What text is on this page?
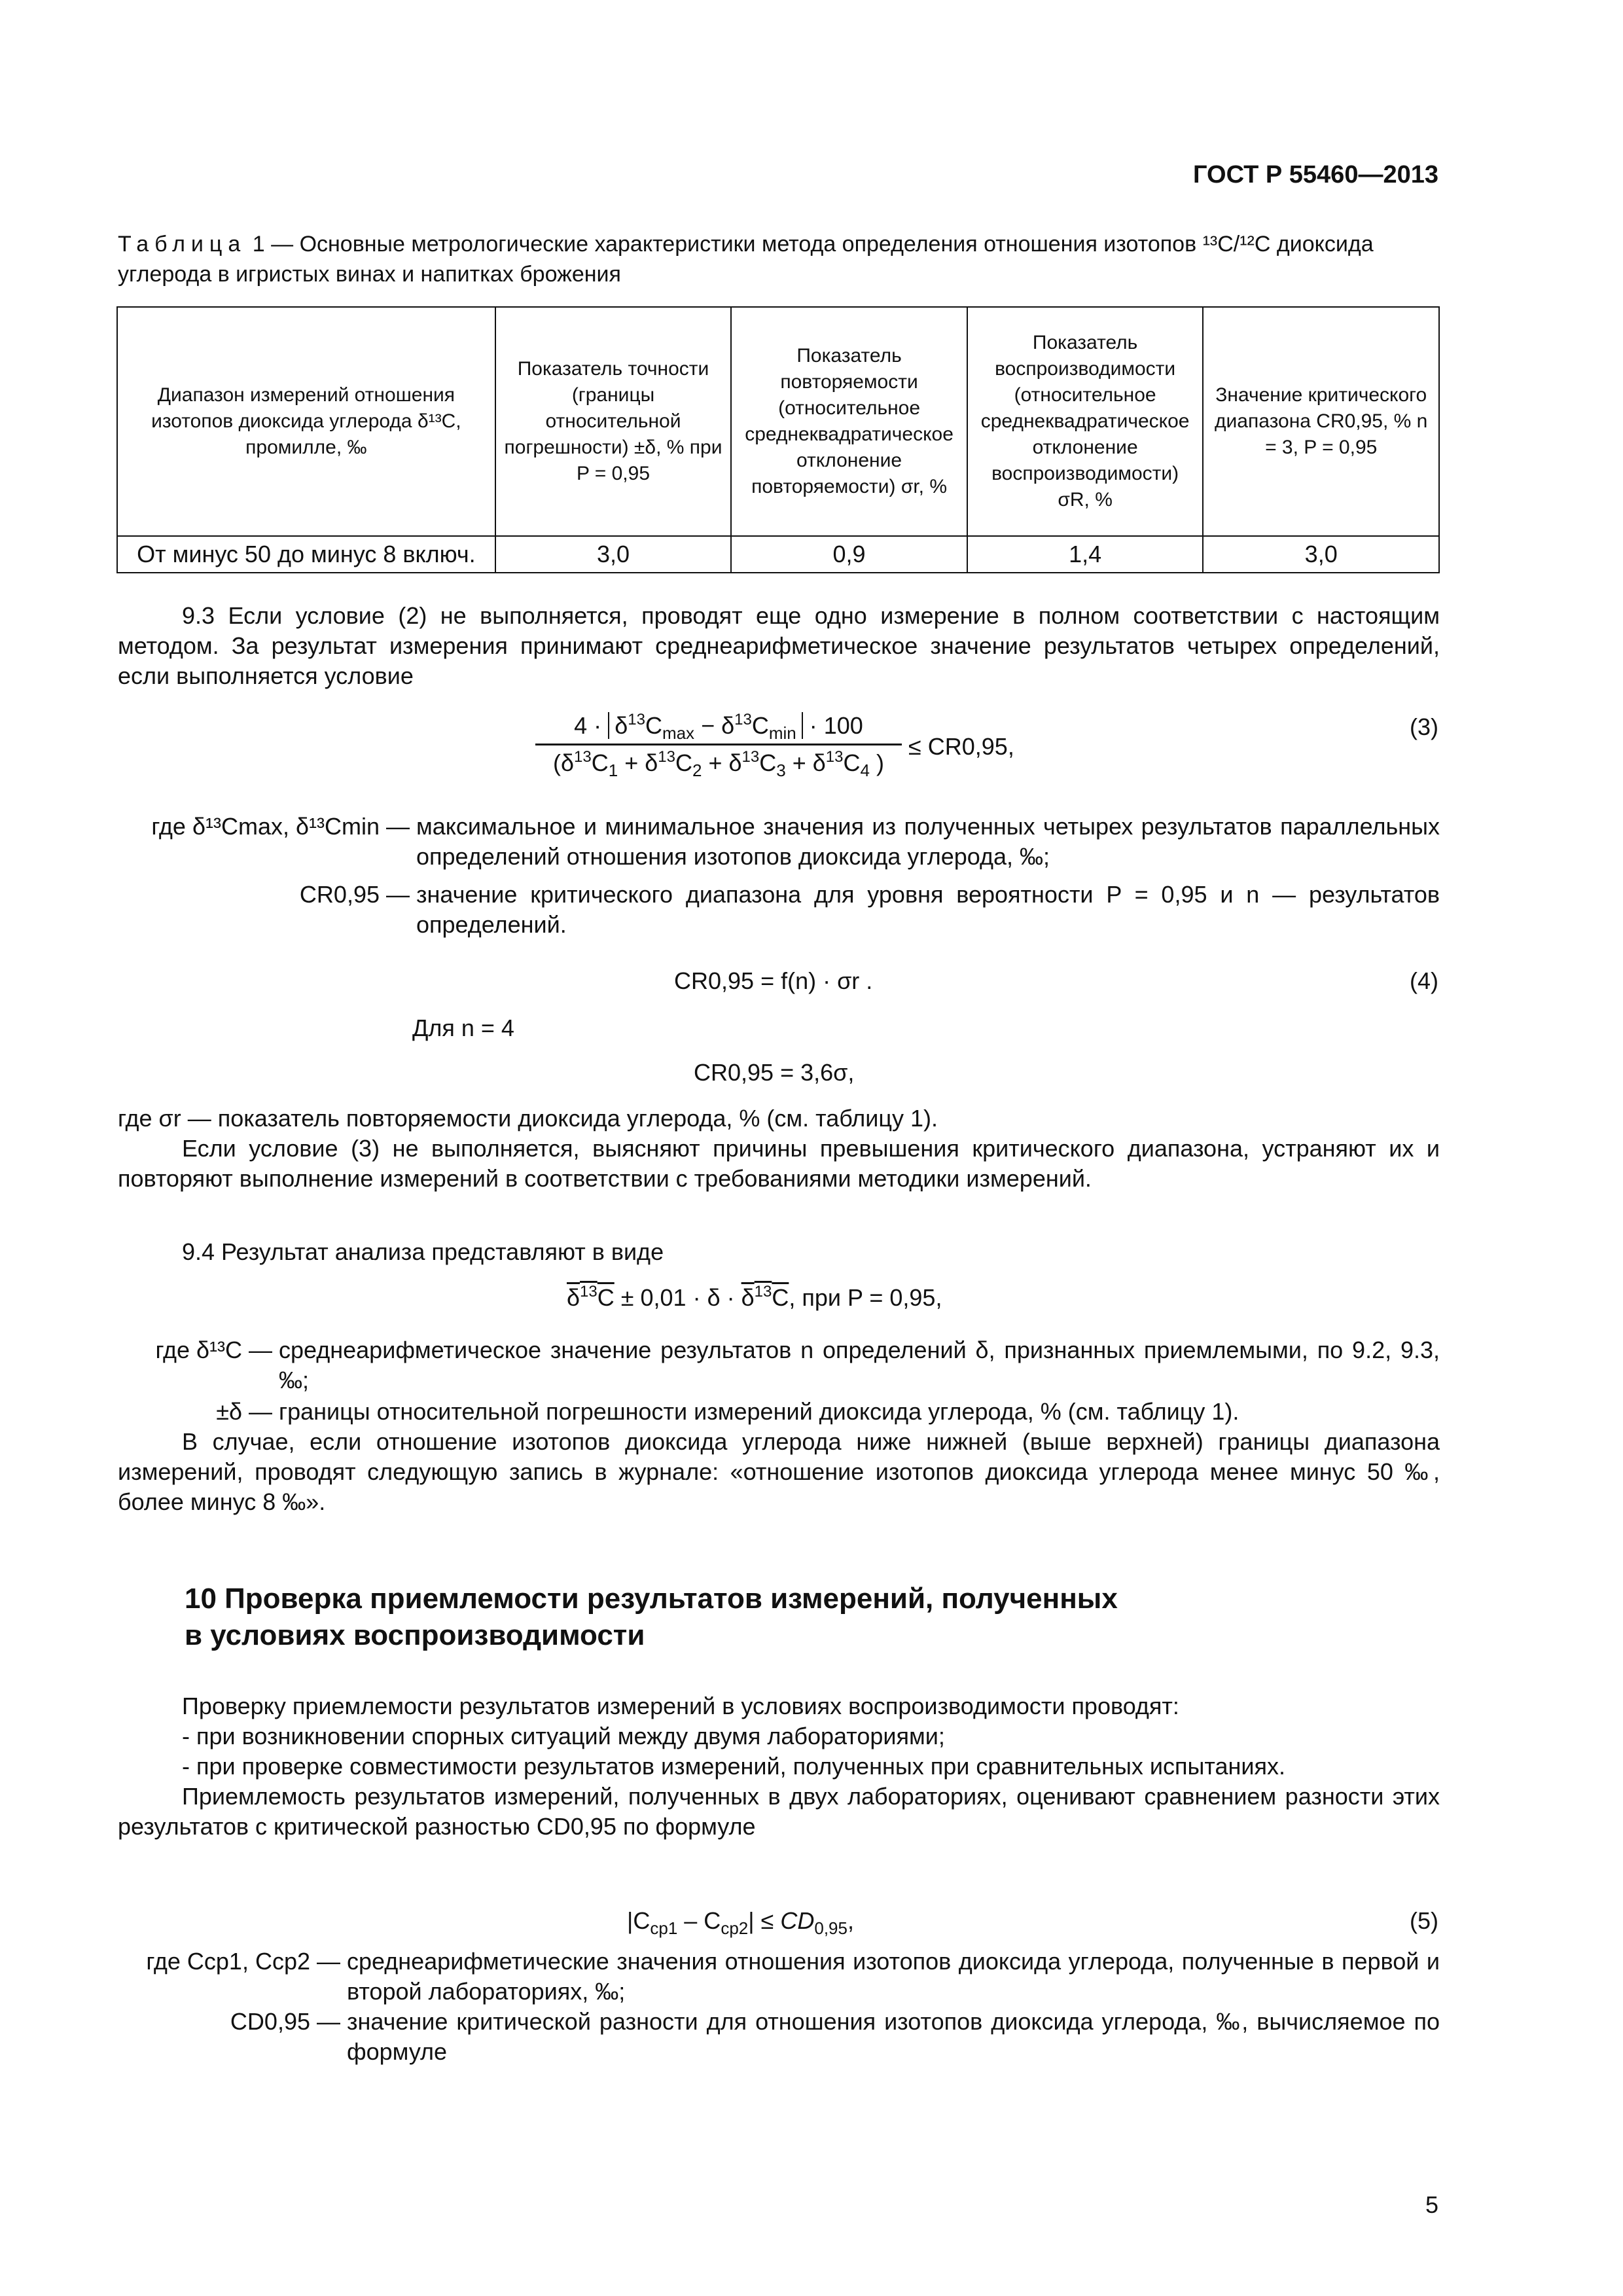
ГОСТ Р 55460—2013
Таблица 1 — Основные метрологические характеристики метода определения отношения изотопов ¹³C/¹²C диоксида углерода в игристых винах и напитках брожения
Диапазон измерений отношения изотопов диоксида углерода δ¹³C, промилле, ‰	Показатель точности (границы относительной погрешности) ±δ, % при P = 0,95	Показатель повторяемости (относительное среднеквадратическое отклонение повторяемости) σr, %	Показатель воспроизводимости (относительное среднеквадратическое отклонение воспроизводимости) σR, %	Значение критического диапазона CR0,95, % n = 3, P = 0,95
От минус 50 до минус 8 включ.	3,0	0,9	1,4	3,0

9.3 Если условие (2) не выполняется, проводят еще одно измерение в полном соответствии с настоящим методом. За результат измерения принимают среднеарифметическое значение результатов четырех определений, если выполняется условие

$4 \cdot \delta^{13}C_{max} - \delta^{13}C_{min} \cdot 100$
($\delta^{13}C_1 + \delta^{13}C_2 + \delta^{13}C_3 + \delta^{13}C_4$ )
≤ CR0,95,
(3)
где δ¹³Cmax, δ¹³Cmin — максимальное и минимальное значения из полученных четырех результатов параллельных определений отношения изотопов диоксида углерода, ‰;
CR0,95 — значение критического диапазона для уровня вероятности P = 0,95 и n — результатов определений.
CR0,95 = f(n) · σr .	(4)
Для n = 4
CR0,95 = 3,6σ,

где σr — показатель повторяемости диоксида углерода, % (см. таблицу 1).

Если условие (3) не выполняется, выясняют причины превышения критического диапазона, устраняют их и повторяют выполнение измерений в соответствии с требованиями методики измерений.

9.4 Результат анализа представляют в виде

$\delta^{13}C \pm 0,01 \cdot \delta \cdot \delta^{13}C$, при P = 0,95,
где δ¹³C — среднеарифметическое значение результатов n определений δ, признанных приемлемыми, по 9.2, 9.3, ‰;
±δ — границы относительной погрешности измерений диоксида углерода, % (см. таблицу 1).

В случае, если отношение изотопов диоксида углерода ниже нижней (выше верхней) границы диапазона измерений, проводят следующую запись в журнале: «отношение изотопов диоксида углерода менее минус 50 ‰, более минус 8 ‰».

10 Проверка приемлемости результатов измерений, полученных
в условиях воспроизводимости

Проверку приемлемости результатов измерений в условиях воспроизводимости проводят:

- при возникновении спорных ситуаций между двумя лабораториями;

- при проверке совместимости результатов измерений, полученных при сравнительных испытаниях.

Приемлемость результатов измерений, полученных в двух лабораториях, оценивают сравнением разности этих результатов с критической разностью CD0,95 по формуле

$|C_{ср1} - C_{ср2}| \le CD_{0,95}$,	(5)
где Cср1, Cср2 — среднеарифметические значения отношения изотопов диоксида углерода, полученные в первой и второй лабораториях, ‰;
CD0,95 — значение критической разности для отношения изотопов диоксида углерода, ‰, вычисляемое по формуле
5
